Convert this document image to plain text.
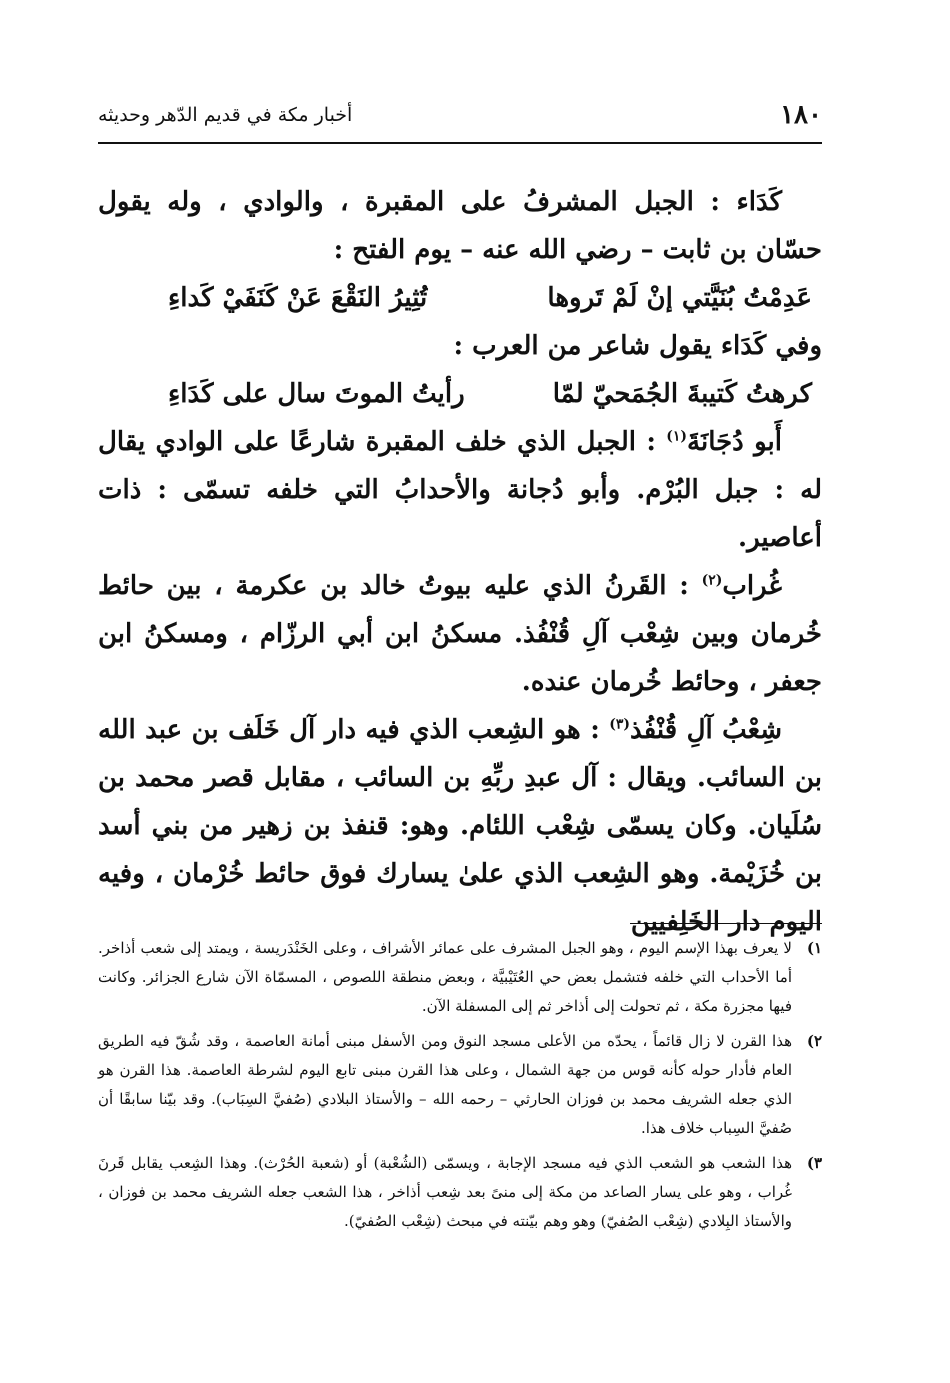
١٨٠
أخبار مكة في قديم الدّهر وحديثه

كَدَاء : الجبل المشرفُ على المقبرة ، والوادي ، وله يقول حسّان بن ثابت – رضي الله عنه – يوم الفتح :

عَدِمْتُ بُنَيَّتي إنْ لَمْ تَروها
تُثِيرُ النَقْعَ عَنْ كَنَفَيْ كَداءِ

وفي كَدَاء يقول شاعر من العرب :

كرهتُ كَتيبةَ الجُمَحيّ لمّا
رأيتُ الموتَ سال على كَدَاءِ

أَبو دُجَانَةَ$^{(١)}$ : الجبل الذي خلف المقبرة شارعًا على الوادي يقال له : جبل البُرْم. وأبو دُجانة والأحدابُ التي خلفه تسمّى : ذات أعاصير.

غُراب$^{(٢)}$ : القَرنُ الذي عليه بيوتُ خالد بن عكرمة ، بين حائط خُرمان وبين شِعْب آلِ قُنْفُذ. مسكنُ ابن أبي الرزّام ، ومسكنُ ابن جعفر ، وحائط خُرمان عنده.

شِعْبُ آلِ قُنْفُذ$^{(٣)}$ : هو الشِعب الذي فيه دار آل خَلَف بن عبد الله بن السائب. ويقال : آل عبدِ ربِّهِ بن السائب ، مقابل قصر محمد بن سُلَيان. وكان يسمّى شِعْب اللئام. وهو: قنفذ بن زهير من بني أسد بن خُزَيْمة. وهو الشِعب الذي علىٰ يسارك فوق حائط خُرْمان ، وفيه اليوم دار الخَلِفيين

١)
لا يعرف بهذا الإسم اليوم ، وهو الجبل المشرف على عمائر الأشراف ، وعلى الخَنْدَريسة ، ويمتد إلى شعب أذاخر. أما الأحداب التي خلفه فتشمل بعض حي العُتَيْبيَّة ، وبعض منطقة اللصوص ، المسمّاة الآن شارع الجزائر. وكانت فيها مجزرة مكة ، ثم تحولت إلى أذاخر ثم إلى المسفلة الآن.
٢)
هذا القرن لا زال قائماً ، يحدّه من الأعلى مسجد النوق ومن الأسفل مبنى أمانة العاصمة ، وقد شُقّ فيه الطريق العام فأدار حوله كأنه قوس من جهة الشمال ، وعلى هذا القرن مبنى تابع اليوم لشرطة العاصمة. هذا القرن هو الذي جعله الشريف محمد بن فوزان الحارثي – رحمه الله – والأستاذ البلادي (صُفيَّ السِبَاب). وقد بيّنا سابقًا أن صُفيَّ السِباب خلاف هذا.
٣)
هذا الشعب هو الشعب الذي فيه مسجد الإجابة ، ويسمّى (الشُعْبة) أو (شعبة الحُرْث). وهذا الشِعب يقابل قَرنَ غُراب ، وهو على يسار الصاعد من مكة إلى منىً بعد شِعب أذاخر ، هذا الشعب جعله الشريف محمد بن فوزان ، والأستاذ البِلادي (شِعْب الصُفيّ) وهو وهم بيّنته في مبحث (شِعْب الصُفيّ).
